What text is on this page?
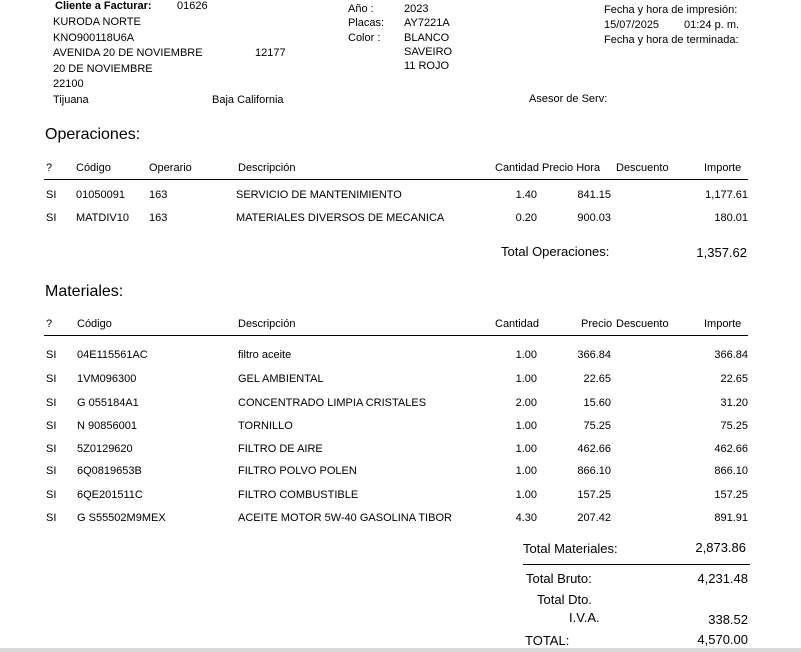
Cliente a Facturar: 01626
KURODA NORTE
KNO900118U6A
AVENIDA 20 DE NOVIEMBRE	12177
20 DE NOVIEMBRE
22100
Tijuana	Baja California
Año :	2023
Placas: AY7221A
Color : BLANCO
SAVEIRO
11 ROJO
Fecha y hora de impresión:
15/07/2025 01:24 p. m.
Fecha y hora de terminada:
Asesor de Serv:
Operaciones:
? Código	Operario	Descripción	Cantidad Precio Hora Descuento	Importe
SI 01050091 163	SERVICIO DE MANTENIMIENTO	1.40	841.15	1,177.61
SI MATDIV10 163	MATERIALES DIVERSOS DE MECANICA	0.20	900.03	180.01
Total Operaciones:	1,357.62
Materiales:
? Código	Descripción	Cantidad	Precio Descuento	Importe
SI 04E115561AC	filtro aceite	1.00	366.84	366.84
SI 1VM096300	GEL AMBIENTAL	1.00	22.65	22.65
SI G 055184A1	CONCENTRADO LIMPIA CRISTALES	2.00	15.60	31.20
SI N 90856001	TORNILLO	1.00	75.25	75.25
SI 5Z0129620	FILTRO DE AIRE	1.00	462.66	462.66
SI 6Q0819653B	FILTRO POLVO POLEN	1.00	866.10	866.10
SI 6QE201511C	FILTRO COMBUSTIBLE	1.00	157.25	157.25
SI G S55502M9MEX	ACEITE MOTOR 5W-40 GASOLINA TIBOR	4.30	207.42	891.91
Total Materiales:	2,873.86
Total Bruto:	4,231.48
Total Dto.
I.V.A.	338.52
TOTAL:	4,570.00
